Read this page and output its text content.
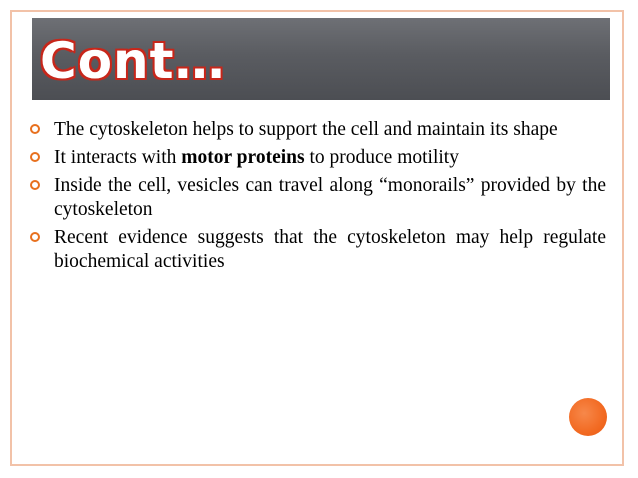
Cont…
The cytoskeleton helps to support the cell and maintain its shape
It interacts with motor proteins to produce motility
Inside the cell, vesicles can travel along “monorails” provided by the cytoskeleton
Recent evidence suggests that the cytoskeleton may help regulate biochemical activities
